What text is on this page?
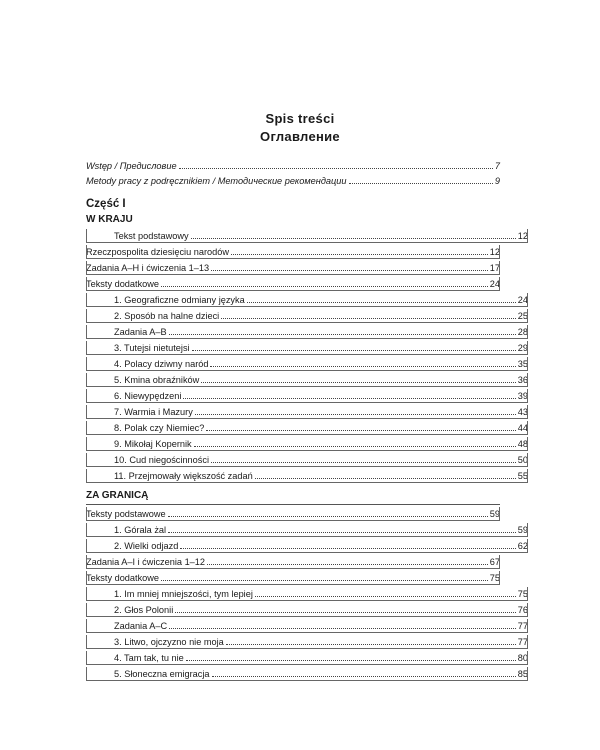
Spis treści
Оглавление
Wstęp / Предисловие	7
Metody pracy z podręcznikiem / Методические рекомендации	9
Część I
W KRAJU
Tekst podstawowy	12
Rzeczpospolita dziesięciu narodów	12
Zadania A–H i ćwiczenia 1–13	17
Teksty dodatkowe	24
1. Geograficzne odmiany języka	24
2. Sposób na halne dzieci	25
Zadania A–B	28
3. Tutejsi nietutejsi	29
4. Polacy dziwny naród	35
5. Kmina obraźników	36
6. Niewypędzeni	39
7. Warmia i Mazury	43
8. Polak czy Niemiec?	44
9. Mikołaj Kopernik	48
10. Cud niegościnności	50
11. Przejmowały większość zadań	55
ZA GRANICĄ
Teksty podstawowe	59
1. Górala żal	59
2. Wielki odjazd	62
Zadania A–I i ćwiczenia 1–12	67
Teksty dodatkowe	75
1. Im mniej mniejszości, tym lepiej	75
2. Głos Polonii	76
Zadania A–C	77
3. Litwo, ojczyzno nie moja	77
4. Tam tak, tu nie	80
5. Słoneczna emigracja	85
